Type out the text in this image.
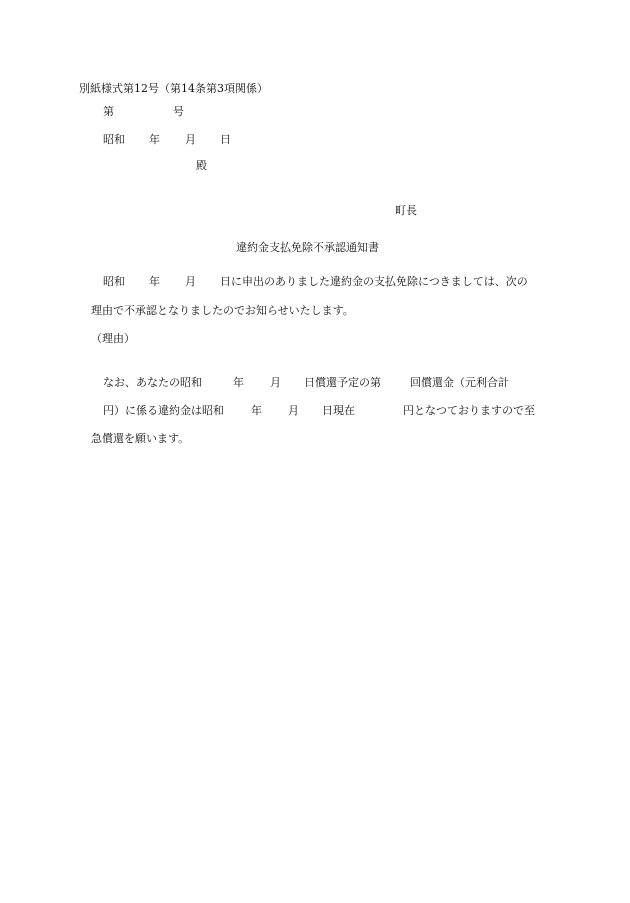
別紙様式第12号（第14条第3項関係）
第	号
昭和 年 月 日
殿
町長
違約金支払免除不承認通知書
昭和 年 月 日に申出のありました違約金の支払免除につきましては、次の
理由で不承認となりましたのでお知らせいたします。
（理由）
なお、あなたの昭和	年 月 日償還予定の第	回償還金（元利合計
円）に係る違約金は昭和 年 月 日現在	円となつておりますので至
急償還を願います。
